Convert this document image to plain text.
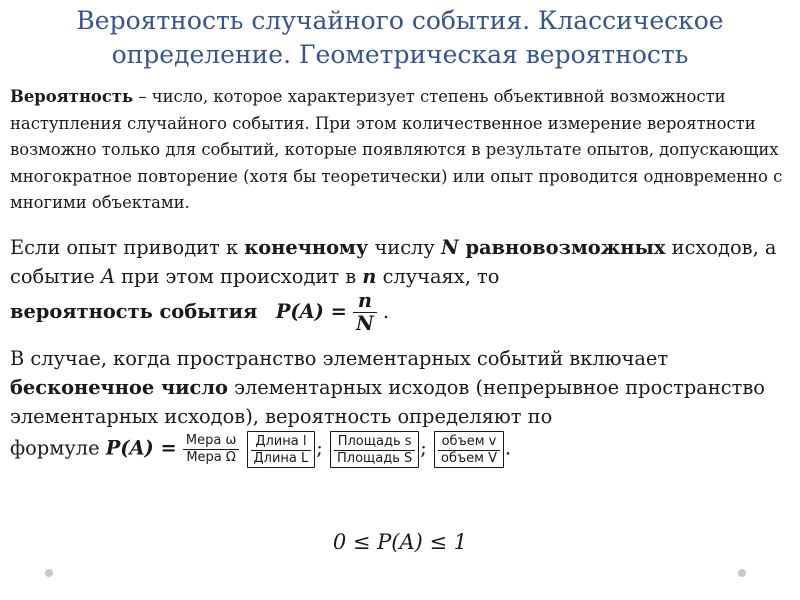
Вероятность случайного события. Классическое
определение. Геометрическая вероятность
Вероятность – число, которое характеризует степень объективной возможности наступления случайного события. При этом количественное измерение вероятности возможно только для событий, которые появляются в результате опытов, допускающих многократное повторение (хотя бы теоретически) или опыт проводится одновременно с многими объектами.
Если опыт приводит к конечному числу N равновозможных исходов, а событие A при этом происходит в n случаях, то
вероятность события $P(A) = \frac{n}{N}$ .
В случае, когда пространство элементарных событий включает бесконечное число элементарных исходов (непрерывное пространство элементарных исходов), вероятность определяют по
формуле $P(A) = \frac{\text{Мера ω}}{\text{Мера Ω}}$
$\frac{\text{Длина l}}{\text{Длина L}}$ ; $\frac{\text{Площадь s}}{\text{Площадь S}}$ ; $\frac{\text{объем v}}{\text{объем V}}$ .
0 ≤ P(A) ≤ 1
